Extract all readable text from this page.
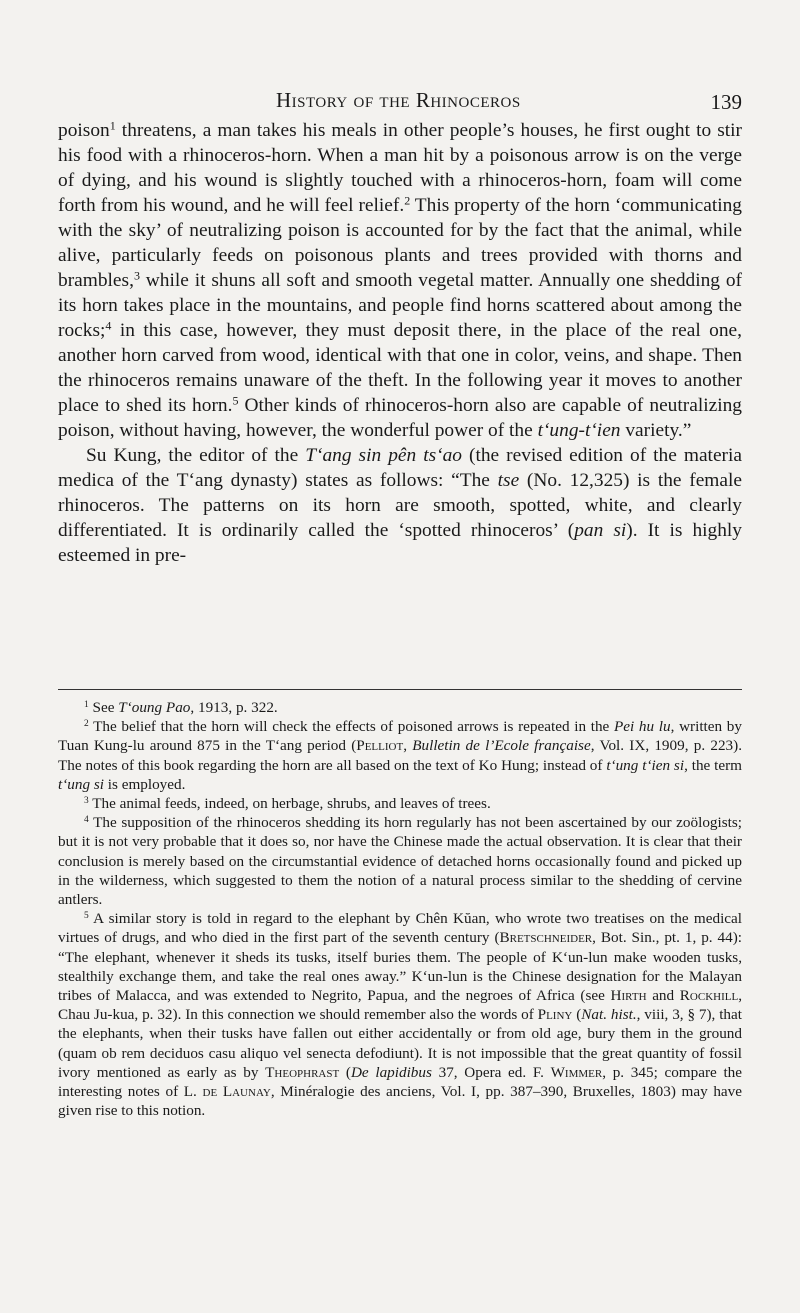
History of the Rhinoceros	139

poison$^1$ threatens, a man takes his meals in other people’s houses, he first ought to stir his food with a rhinoceros-horn. When a man hit by a poisonous arrow is on the verge of dying, and his wound is slightly touched with a rhinoceros-horn, foam will come forth from his wound, and he will feel relief.$^2$ This property of the horn ‘communicating with the sky’ of neutralizing poison is accounted for by the fact that the animal, while alive, particularly feeds on poisonous plants and trees provided with thorns and brambles,$^3$ while it shuns all soft and smooth vegetal matter. Annually one shedding of its horn takes place in the mountains, and people find horns scattered about among the rocks;$^4$ in this case, however, they must deposit there, in the place of the real one, another horn carved from wood, identical with that one in color, veins, and shape. Then the rhinoceros remains unaware of the theft. In the following year it moves to another place to shed its horn.$^5$ Other kinds of rhinoceros-horn also are capable of neutralizing poison, without having, however, the wonderful power of the t‘ung-t‘ien variety.”

Su Kung, the editor of the T‘ang sin pên ts‘ao (the revised edition of the materia medica of the T‘ang dynasty) states as follows: “The tse (No. 12,325) is the female rhinoceros. The patterns on its horn are smooth, spotted, white, and clearly differentiated. It is ordinarily called the ‘spotted rhinoceros’ (pan si). It is highly esteemed in pre-

$^1$ See T‘oung Pao, 1913, p. 322.

$^2$ The belief that the horn will check the effects of poisoned arrows is repeated in the Pei hu lu, written by Tuan Kung-lu around 875 in the T‘ang period (Pelliot, Bulletin de l’Ecole française, Vol. IX, 1909, p. 223). The notes of this book regarding the horn are all based on the text of Ko Hung; instead of t‘ung t‘ien si, the term t‘ung si is employed.

$^3$ The animal feeds, indeed, on herbage, shrubs, and leaves of trees.

$^4$ The supposition of the rhinoceros shedding its horn regularly has not been ascertained by our zoölogists; but it is not very probable that it does so, nor have the Chinese made the actual observation. It is clear that their conclusion is merely based on the circumstantial evidence of detached horns occasionally found and picked up in the wilderness, which suggested to them the notion of a natural process similar to the shedding of cervine antlers.

$^5$ A similar story is told in regard to the elephant by Chên Kŭan, who wrote two treatises on the medical virtues of drugs, and who died in the first part of the seventh century (Bretschneider, Bot. Sin., pt. 1, p. 44): “The elephant, whenever it sheds its tusks, itself buries them. The people of K‘un-lun make wooden tusks, stealthily exchange them, and take the real ones away.” K‘un-lun is the Chinese designation for the Malayan tribes of Malacca, and was extended to Negrito, Papua, and the negroes of Africa (see Hirth and Rockhill, Chau Ju-kua, p. 32). In this connection we should remember also the words of Pliny (Nat. hist., viii, 3, § 7), that the elephants, when their tusks have fallen out either accidentally or from old age, bury them in the ground (quam ob rem deciduos casu aliquo vel senecta defodiunt). It is not impossible that the great quantity of fossil ivory mentioned as early as by Theophrast (De lapidibus 37, Opera ed. F. Wimmer, p. 345; compare the interesting notes of L. de Launay, Minéralogie des anciens, Vol. I, pp. 387–390, Bruxelles, 1803) may have given rise to this notion.
